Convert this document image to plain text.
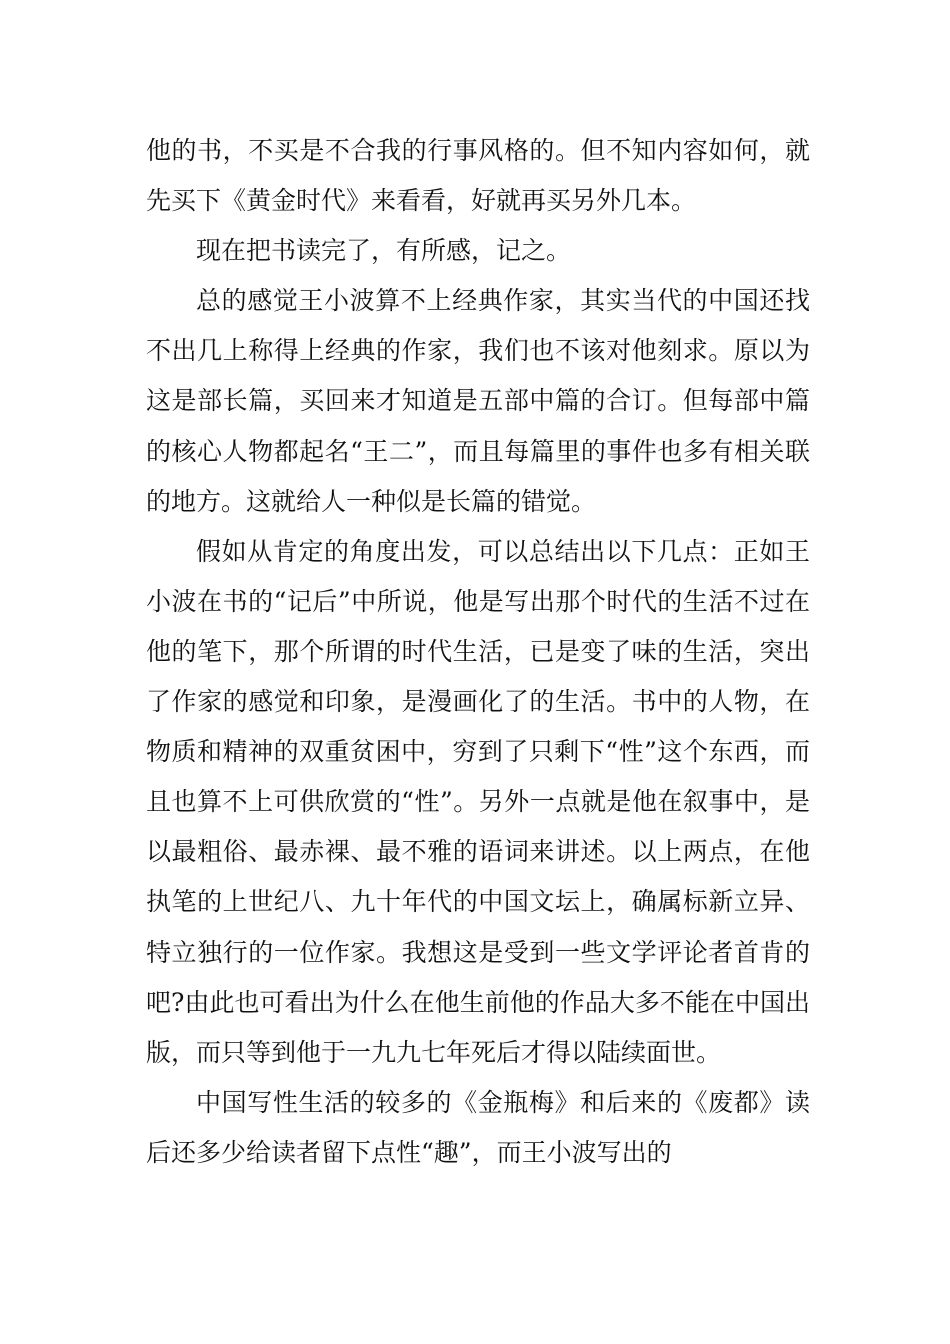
他的书，不买是不合我的行事风格的。但不知内容如何，就先买下《黄金时代》来看看，好就再买另外几本。

现在把书读完了，有所感，记之。

总的感觉王小波算不上经典作家，其实当代的中国还找不出几上称得上经典的作家，我们也不该对他刻求。原以为这是部长篇，买回来才知道是五部中篇的合订。但每部中篇的核心人物都起名“王二”，而且每篇里的事件也多有相关联的地方。这就给人一种似是长篇的错觉。

假如从肯定的角度出发，可以总结出以下几点：正如王小波在书的“记后”中所说，他是写出那个时代的生活不过在他的笔下，那个所谓的时代生活，已是变了味的生活，突出了作家的感觉和印象，是漫画化了的生活。书中的人物，在物质和精神的双重贫困中，穷到了只剩下“性”这个东西，而且也算不上可供欣赏的“性”。另外一点就是他在叙事中，是以最粗俗、最赤裸、最不雅的语词来讲述。以上两点，在他执笔的上世纪八、九十年代的中国文坛上，确属标新立异、特立独行的一位作家。我想这是受到一些文学评论者首肯的吧?由此也可看出为什么在他生前他的作品大多不能在中国出版，而只等到他于一九九七年死后才得以陆续面世。

中国写性生活的较多的《金瓶梅》和后来的《废都》读后还多少给读者留下点性“趣”，而王小波写出的
